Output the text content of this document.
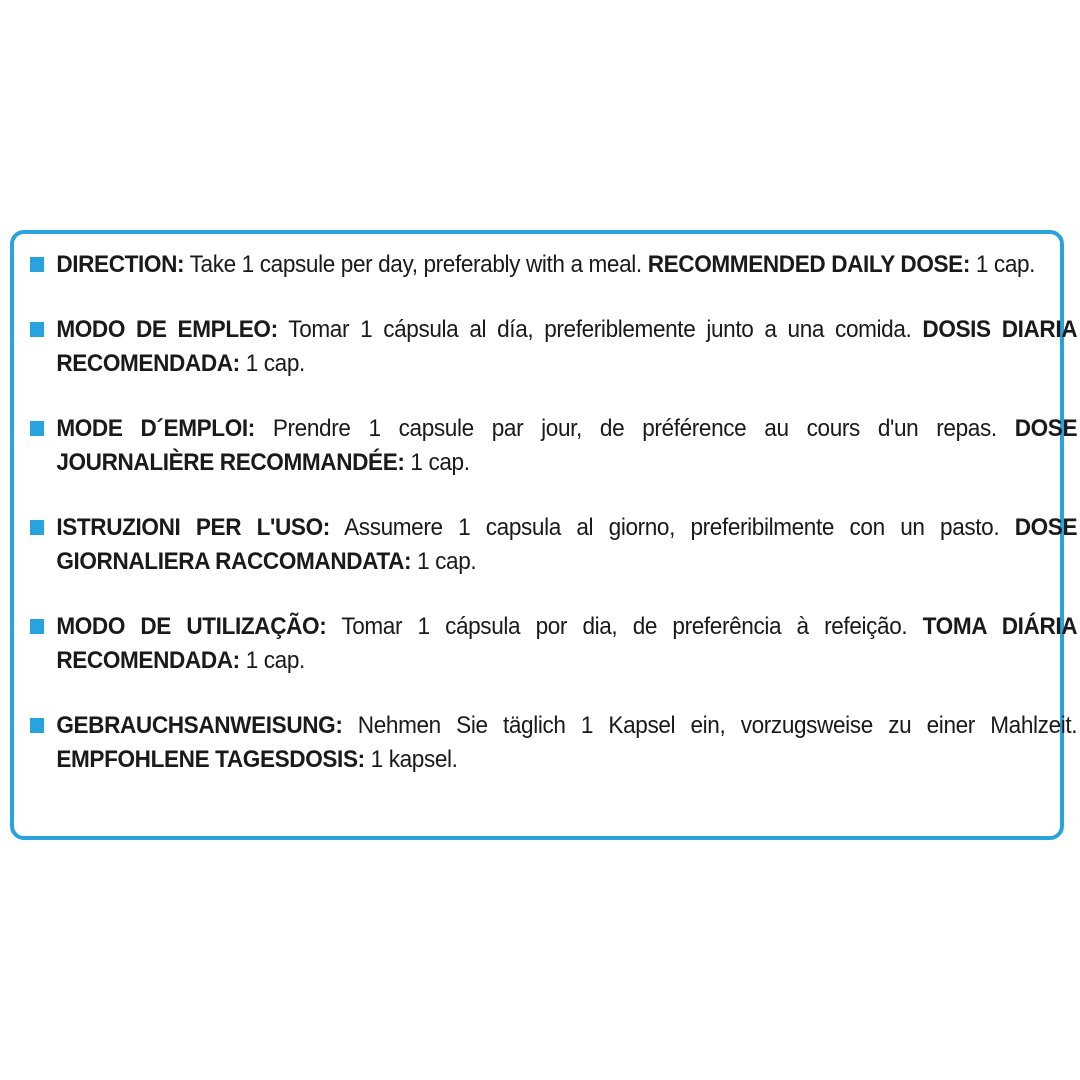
DIRECTION: Take 1 capsule per day, preferably with a meal. RECOMMENDED DAILY DOSE: 1 cap.
MODO DE EMPLEO: Tomar 1 cápsula al día, preferiblemente junto a una comida. DOSIS DIARIA RECOMENDADA: 1 cap.
MODE D´EMPLOI: Prendre 1 capsule par jour, de préférence au cours d'un repas. DOSE JOURNALIÈRE RECOMMANDÉE: 1 cap.
ISTRUZIONI PER L'USO: Assumere 1 capsula al giorno, preferibilmente con un pasto. DOSE GIORNALIERA RACCOMANDATA: 1 cap.
MODO DE UTILIZAÇÃO: Tomar 1 cápsula por dia, de preferência à refeição. TOMA DIÁRIA RECOMENDADA: 1 cap.
GEBRAUCHSANWEISUNG: Nehmen Sie täglich 1 Kapsel ein, vorzugsweise zu einer Mahlzeit. EMPFOHLENE TAGESDOSIS: 1 kapsel.
